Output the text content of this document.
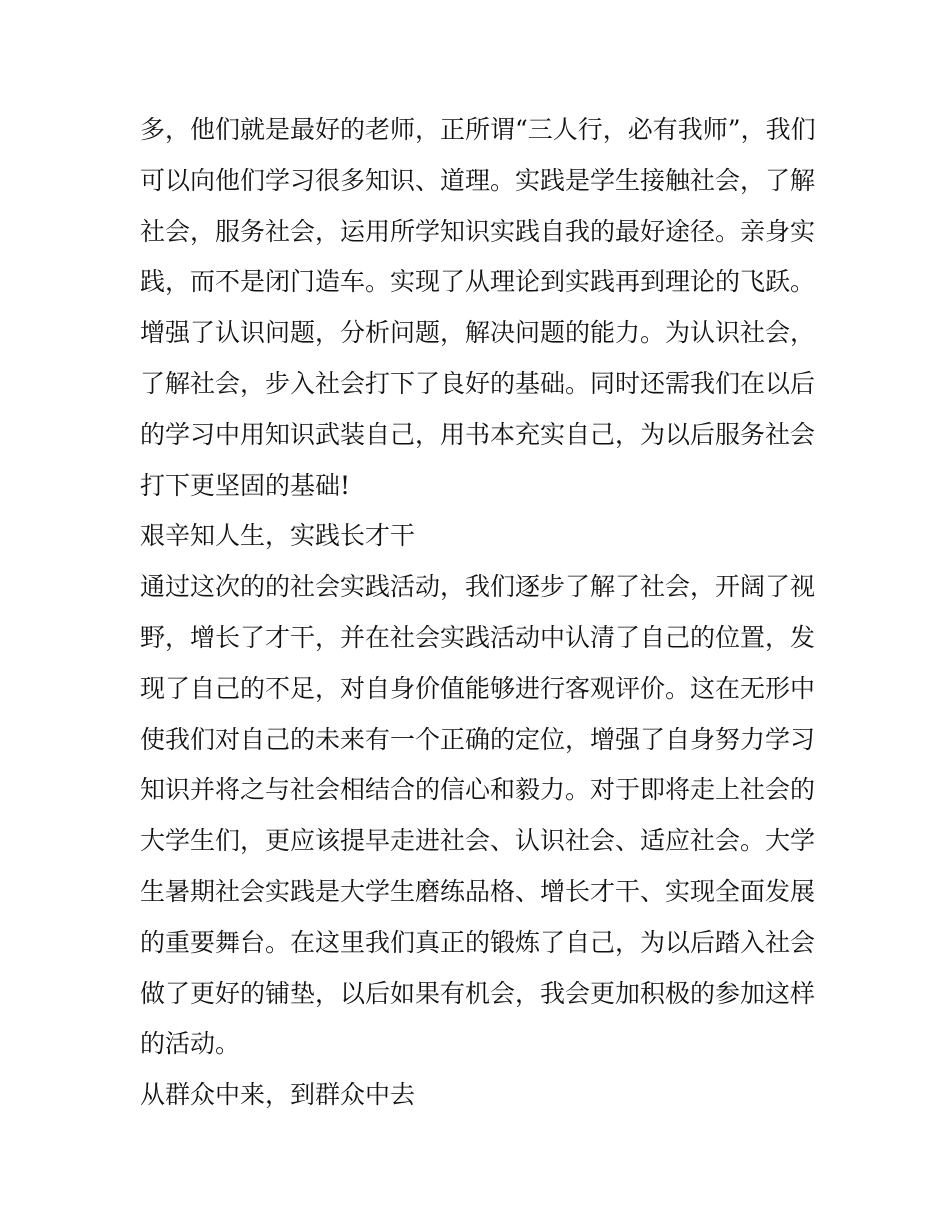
多，他们就是最好的老师，正所谓“三人行，必有我师”，我们
可以向他们学习很多知识、道理。实践是学生接触社会，了解
社会，服务社会，运用所学知识实践自我的最好途径。亲身实
践，而不是闭门造车。实现了从理论到实践再到理论的飞跃。
增强了认识问题，分析问题，解决问题的能力。为认识社会，
了解社会，步入社会打下了良好的基础。同时还需我们在以后
的学习中用知识武装自己，用书本充实自己，为以后服务社会
打下更坚固的基础!
艰辛知人生，实践长才干
通过这次的的社会实践活动，我们逐步了解了社会，开阔了视
野，增长了才干，并在社会实践活动中认清了自己的位置，发
现了自己的不足，对自身价值能够进行客观评价。这在无形中
使我们对自己的未来有一个正确的定位，增强了自身努力学习
知识并将之与社会相结合的信心和毅力。对于即将走上社会的
大学生们，更应该提早走进社会、认识社会、适应社会。大学
生暑期社会实践是大学生磨练品格、增长才干、实现全面发展
的重要舞台。在这里我们真正的锻炼了自己，为以后踏入社会
做了更好的铺垫，以后如果有机会，我会更加积极的参加这样
的活动。
从群众中来，到群众中去
